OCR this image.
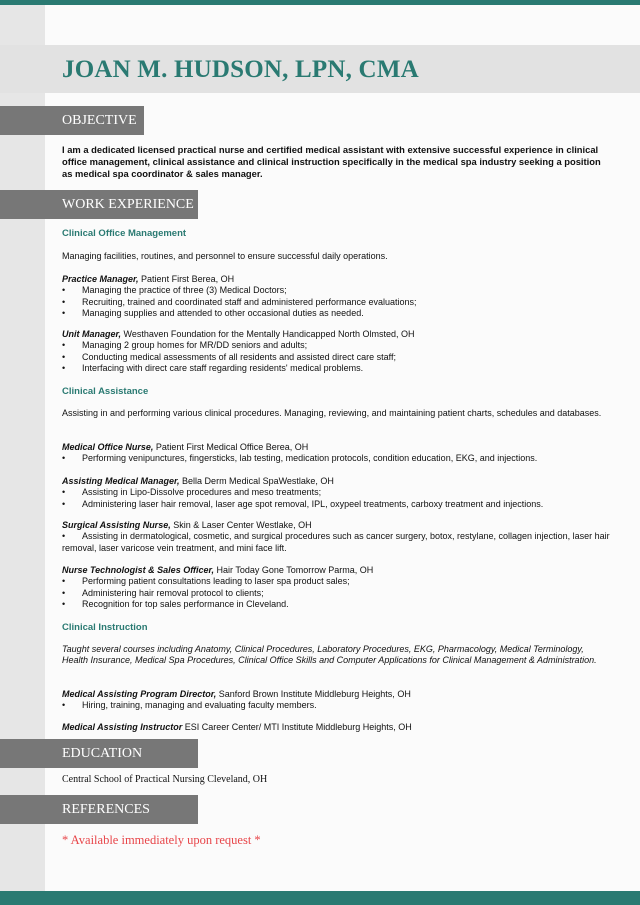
JOAN M. HUDSON, LPN, CMA
OBJECTIVE
I am a dedicated licensed practical nurse and certified medical assistant with extensive successful experience in clinical office management, clinical assistance and clinical instruction specifically in the medical spa industry seeking a position as medical spa coordinator & sales manager.
WORK EXPERIENCE
Clinical Office Management
Managing facilities, routines, and personnel to ensure successful daily operations.
Practice Manager, Patient First Berea, OH
•	Managing the practice of three (3) Medical Doctors;
•	Recruiting, trained and coordinated staff and administered performance evaluations;
•	Managing supplies and attended to other occasional duties as needed.
Unit Manager, Westhaven Foundation for the Mentally Handicapped North Olmsted, OH
•	Managing 2 group homes for MR/DD seniors and adults;
•	Conducting medical assessments of all residents and assisted direct care staff;
•	Interfacing with direct care staff regarding residents' medical problems.
Clinical Assistance
Assisting in and performing various clinical procedures. Managing, reviewing, and maintaining patient charts, schedules and databases.
Medical Office Nurse, Patient First Medical Office Berea, OH
•	Performing venipunctures, fingersticks, lab testing, medication protocols, condition education, EKG, and injections.
Assisting Medical Manager, Bella Derm Medical SpaWestlake, OH
•	Assisting in Lipo-Dissolve procedures and meso treatments;
•	Administering laser hair removal, laser age spot removal, IPL, oxypeel treatments, carboxy treatment and injections.
Surgical Assisting Nurse, Skin & Laser Center Westlake, OH
• Assisting in dermatological, cosmetic, and surgical procedures such as cancer surgery, botox, restylane, collagen injection, laser hair removal, laser varicose vein treatment, and mini face lift.
Nurse Technologist & Sales Officer, Hair Today Gone Tomorrow Parma, OH
•	Performing patient consultations leading to laser spa product sales;
•	Administering hair removal protocol to clients;
•	Recognition for top sales performance in Cleveland.
Clinical Instruction
Taught several courses including Anatomy, Clinical Procedures, Laboratory Procedures, EKG, Pharmacology, Medical Terminology, Health Insurance, Medical Spa Procedures, Clinical Office Skills and Computer Applications for Clinical Management & Administration.
Medical Assisting Program Director, Sanford Brown Institute Middleburg Heights, OH
•	Hiring, training, managing and evaluating faculty members.
Medical Assisting Instructor ESI Career Center/ MTI Institute Middleburg Heights, OH
EDUCATION
Central School of Practical Nursing Cleveland, OH
REFERENCES
* Available immediately upon request *
